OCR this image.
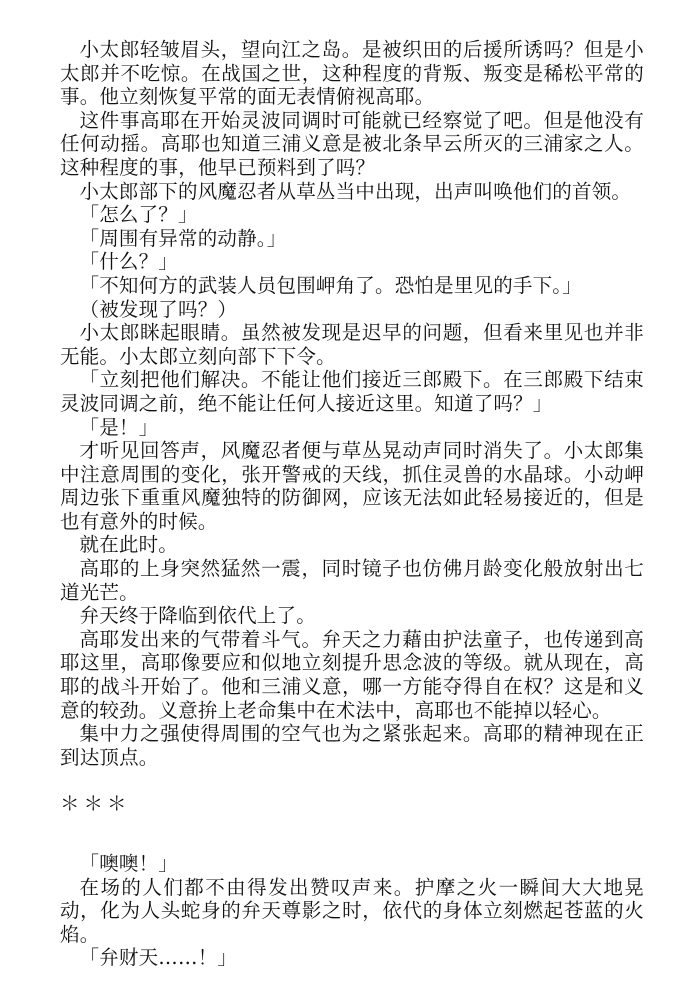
小太郎轻皱眉头，望向江之岛。是被织田的后援所诱吗？但是小太郎并不吃惊。在战国之世，这种程度的背叛、叛变是稀松平常的事。他立刻恢复平常的面无表情俯视高耶。

这件事高耶在开始灵波同调时可能就已经察觉了吧。但是他没有任何动摇。高耶也知道三浦义意是被北条早云所灭的三浦家之人。这种程度的事，他早已预料到了吗？

小太郎部下的风魔忍者从草丛当中出现，出声叫唤他们的首领。

「怎么了？」

「周围有异常的动静。」

「什么？」

「不知何方的武装人员包围岬角了。恐怕是里见的手下。」

（被发现了吗？）

小太郎眯起眼睛。虽然被发现是迟早的问题，但看来里见也并非无能。小太郎立刻向部下下令。

「立刻把他们解决。不能让他们接近三郎殿下。在三郎殿下结束灵波同调之前，绝不能让任何人接近这里。知道了吗？」

「是！」

才听见回答声，风魔忍者便与草丛晃动声同时消失了。小太郎集中注意周围的变化，张开警戒的天线，抓住灵兽的水晶球。小动岬周边张下重重风魔独特的防御网，应该无法如此轻易接近的，但是也有意外的时候。

就在此时。

高耶的上身突然猛然一震，同时镜子也仿佛月龄变化般放射出七道光芒。

弁天终于降临到依代上了。

高耶发出来的气带着斗气。弁天之力藉由护法童子，也传递到高耶这里，高耶像要应和似地立刻提升思念波的等级。就从现在，高耶的战斗开始了。他和三浦义意，哪一方能夺得自在权？这是和义意的较劲。义意拚上老命集中在术法中，高耶也不能掉以轻心。

集中力之强使得周围的空气也为之紧张起来。高耶的精神现在正到达顶点。

＊＊＊

「噢噢！」

在场的人们都不由得发出赞叹声来。护摩之火一瞬间大大地晃动，化为人头蛇身的弁天尊影之时，依代的身体立刻燃起苍蓝的火焰。

「弁财天……！」
